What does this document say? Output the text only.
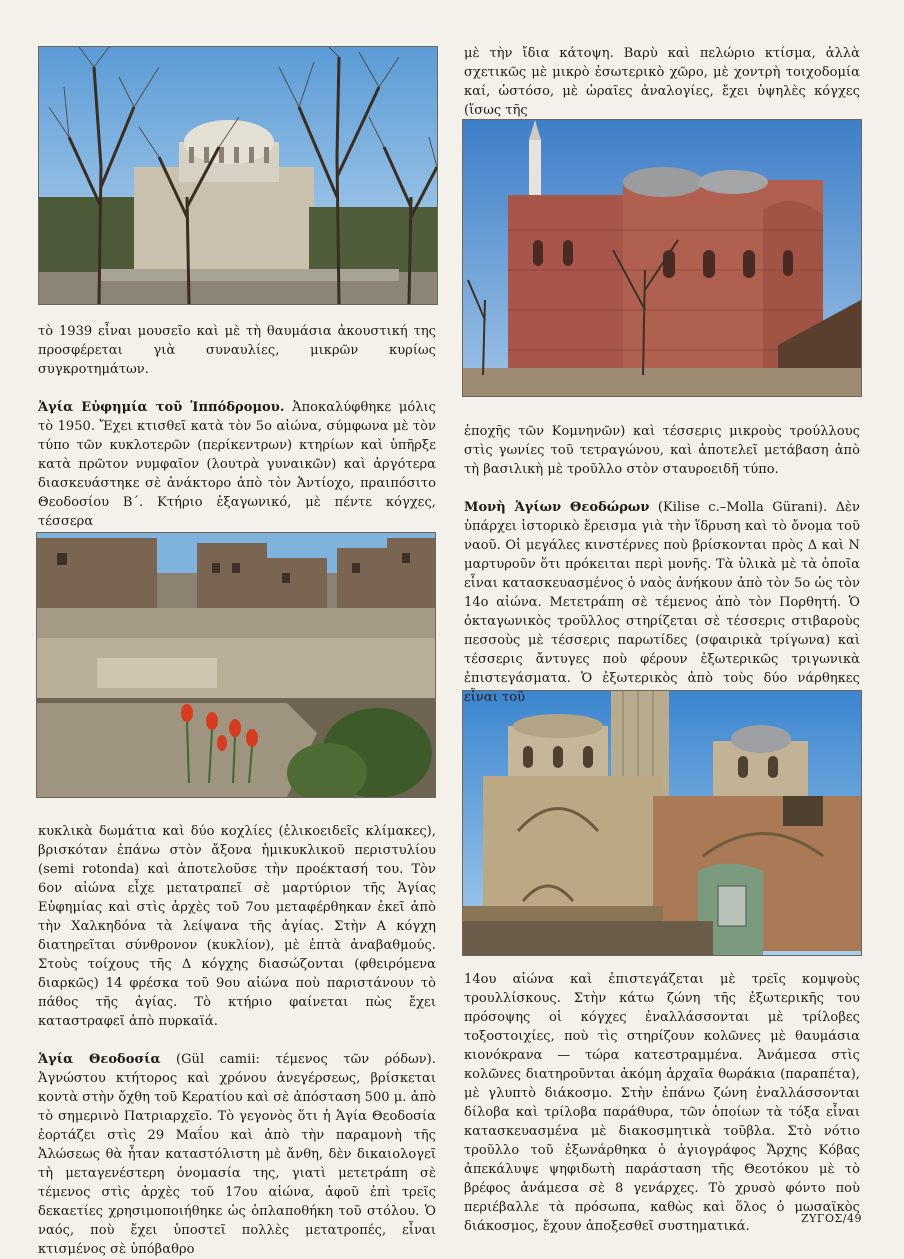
τὸ 1939 εἶναι μουσεῖο καὶ μὲ τὴ θαυμάσια ἀκουστική της προσφέρεται γιὰ συναυλίες, μικρῶν κυρίως συγκροτημάτων.

Ἁγία Εὐφημία τοῦ Ἱππόδρομου. Ἀποκαλύφθηκε μόλις τὸ 1950. Ἔχει κτισθεῖ κατὰ τὸν 5ο αἰώνα, σύμφωνα μὲ τὸν τύπο τῶν κυκλοτερῶν (περίκεντρων) κτηρίων καὶ ὑπῆρξε κατὰ πρῶτον νυμφαῖον (λουτρὰ γυναικῶν) καὶ ἀργότερα διασκευάστηκε σὲ ἀνάκτορο ἀπὸ τὸν Ἀντίοχο, πραιπόσιτο Θεοδοσίου Β΄. Κτήριο ἑξαγωνικό, μὲ πέντε κόγχες, τέσσερα

κυκλικὰ δωμάτια καὶ δύο κοχλίες (ἑλικοειδεῖς κλίμακες), βρισκόταν ἐπάνω στὸν ἄξονα ἡμικυκλικοῦ περιστυλίου (semi rotonda) καὶ ἀποτελοῦσε τὴν προέκτασή του. Τὸν 6ον αἰώνα εἶχε μετατραπεῖ σὲ μαρτύριον τῆς Ἁγίας Εὐφημίας καὶ στὶς ἀρχὲς τοῦ 7ου μεταφέρθηκαν ἐκεῖ ἀπὸ τὴν Χαλκηδόνα τὰ λείψανα τῆς ἁγίας. Στὴν Α κόγχη διατηρεῖται σύνθρονον (κυκλίον), μὲ ἑπτὰ ἀναβαθμούς. Στοὺς τοίχους τῆς Δ κόγχης διασώζονται (φθειρόμενα διαρκῶς) 14 φρέσκα τοῦ 9ου αἰώνα ποὺ παριστάνουν τὸ πάθος τῆς ἁγίας. Τὸ κτήριο φαίνεται πὼς ἔχει καταστραφεῖ ἀπὸ πυρκαϊά.

Ἁγία Θεοδοσία (Gül camii: τέμενος τῶν ρόδων). Ἀγνώστου κτήτορος καὶ χρόνου ἀνεγέρσεως, βρίσκεται κοντὰ στὴν ὄχθη τοῦ Κερατίου καὶ σὲ ἀπόσταση 500 μ. ἀπὸ τὸ σημερινὸ Πατριαρχεῖο. Τὸ γεγονὸς ὅτι ἡ Ἁγία Θεοδοσία ἑορτάζει στὶς 29 Μαΐου καὶ ἀπὸ τὴν παραμονὴ τῆς Ἁλώσεως θὰ ἦταν καταστόλιστη μὲ ἄνθη, δὲν δικαιολογεῖ τὴ μεταγενέστερη ὀνομασία της, γιατὶ μετετράπη σὲ τέμενος στὶς ἀρχὲς τοῦ 17ου αἰώνα, ἀφοῦ ἐπὶ τρεῖς δεκαετίες χρησιμοποιήθηκε ὡς ὁπλαποθήκη τοῦ στόλου. Ὁ ναός, ποὺ ἔχει ὑποστεῖ πολλὲς μετατροπές, εἶναι κτισμένος σὲ ὑπόβαθρο

μὲ τὴν ἴδια κάτοψη. Βαρὺ καὶ πελώριο κτίσμα, ἀλλὰ σχετικῶς μὲ μικρὸ ἐσωτερικὸ χῶρο, μὲ χοντρὴ τοιχοδομία καί, ὡστόσο, μὲ ὡραῖες ἀναλογίες, ἔχει ὑψηλὲς κόγχες (ἴσως τῆς

ἐποχῆς τῶν Κομνηνῶν) καὶ τέσσερις μικροὺς τρούλλους στὶς γωνίες τοῦ τετραγώνου, καὶ ἀποτελεῖ μετάβαση ἀπὸ τὴ βασιλικὴ μὲ τροῦλλο στὸν σταυροειδῆ τύπο.

Μονὴ Ἁγίων Θεοδώρων (Kilise c.–Molla Gürani). Δὲν ὑπάρχει ἱστορικὸ ἔρεισμα γιὰ τὴν ἵδρυση καὶ τὸ ὄνομα τοῦ ναοῦ. Οἱ μεγάλες κινστέρνες ποὺ βρίσκονται πρὸς Δ καὶ Ν μαρτυροῦν ὅτι πρόκειται περὶ μονῆς. Τὰ ὑλικὰ μὲ τὰ ὁποῖα εἶναι κατασκευασμένος ὁ ναὸς ἀνήκουν ἀπὸ τὸν 5ο ὡς τὸν 14ο αἰώνα. Μετετράπη σὲ τέμενος ἀπὸ τὸν Πορθητή. Ὁ ὀκταγωνικὸς τροῦλλος στηρίζεται σὲ τέσσερις στιβαροὺς πεσσοὺς μὲ τέσσερις παρωτίδες (σφαιρικὰ τρίγωνα) καὶ τέσσερις ἄντυγες ποὺ φέρουν ἐξωτερικῶς τριγωνικὰ ἐπιστεγάσματα. Ὁ ἐξωτερικὸς ἀπὸ τοὺς δύο νάρθηκες εἶναι τοῦ

14ου αἰώνα καὶ ἐπιστεγάζεται μὲ τρεῖς κομψοὺς τρουλλίσκους. Στὴν κάτω ζώνη τῆς ἐξωτερικῆς του πρόσοψης οἱ κόγχες ἐναλλάσσονται μὲ τρίλοβες τοξοστοιχίες, ποὺ τὶς στηρίζουν κολῶνες μὲ θαυμάσια κιονόκρανα — τώρα κατεστραμμένα. Ἀνάμεσα στὶς κολῶνες διατηροῦνται ἀκόμη ἀρχαῖα θωράκια (παραπέτα), μὲ γλυπτὸ διάκοσμο. Στὴν ἐπάνω ζώνη ἐναλλάσσονται δίλοβα καὶ τρίλοβα παράθυρα, τῶν ὁποίων τὰ τόξα εἶναι κατασκευασμένα μὲ διακοσμητικὰ τοῦβλα. Στὸ νότιο τροῦλλο τοῦ ἐξωνάρθηκα ὁ ἁγιογράφος Ἄρχης Κόβας ἀπεκάλυψε ψηφιδωτὴ παράσταση τῆς Θεοτόκου μὲ τὸ βρέφος ἀνάμεσα σὲ 8 γενάρχες. Τὸ χρυσὸ φόντο ποὺ περιέβαλλε τὰ πρόσωπα, καθὼς καὶ ὅλος ὁ μωσαϊκὸς διάκοσμος, ἔχουν ἀποξεσθεῖ συστηματικά.

ΖΥΓΟΣ/49
